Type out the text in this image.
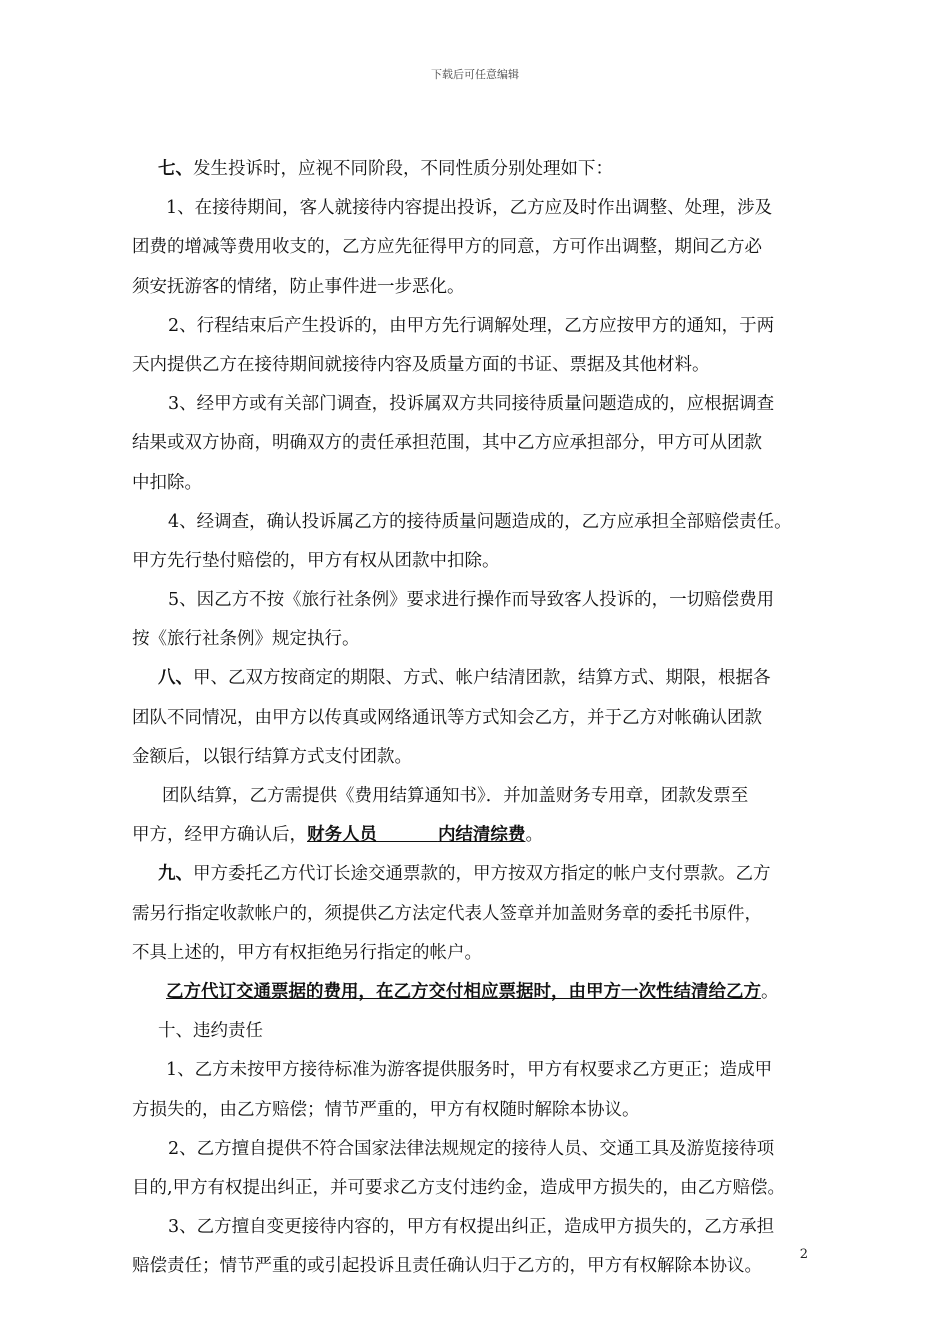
下载后可任意编辑
七、发生投诉时，应视不同阶段，不同性质分别处理如下：
1、在接待期间，客人就接待内容提出投诉，乙方应及时作出调整、处理，涉及
团费的增减等费用收支的，乙方应先征得甲方的同意，方可作出调整，期间乙方必
须安抚游客的情绪，防止事件进一步恶化。
2、行程结束后产生投诉的，由甲方先行调解处理，乙方应按甲方的通知，于两
天内提供乙方在接待期间就接待内容及质量方面的书证、票据及其他材料。
3、经甲方或有关部门调查，投诉属双方共同接待质量问题造成的，应根据调查
结果或双方协商，明确双方的责任承担范围，其中乙方应承担部分，甲方可从团款
中扣除。
4、经调查，确认投诉属乙方的接待质量问题造成的，乙方应承担全部赔偿责任。
甲方先行垫付赔偿的，甲方有权从团款中扣除。
5、因乙方不按《旅行社条例》要求进行操作而导致客人投诉的，一切赔偿费用
按《旅行社条例》规定执行。
八、甲、乙双方按商定的期限、方式、帐户结清团款，结算方式、期限，根据各
团队不同情况，由甲方以传真或网络通讯等方式知会乙方，并于乙方对帐确认团款
金额后，以银行结算方式支付团款。
团队结算，乙方需提供《费用结算通知书》．并加盖财务专用章，团款发票至
甲方，经甲方确认后，财务人员	内结清综费。
九、甲方委托乙方代订长途交通票款的，甲方按双方指定的帐户支付票款。乙方
需另行指定收款帐户的，须提供乙方法定代表人签章并加盖财务章的委托书原件，
不具上述的，甲方有权拒绝另行指定的帐户。
乙方代订交通票据的费用，在乙方交付相应票据时，由甲方一次性结清给乙方。
十、违约责任
1、乙方未按甲方接待标准为游客提供服务时，甲方有权要求乙方更正；造成甲
方损失的，由乙方赔偿；情节严重的，甲方有权随时解除本协议。
2、乙方擅自提供不符合国家法律法规规定的接待人员、交通工具及游览接待项
目的,甲方有权提出纠正，并可要求乙方支付违约金，造成甲方损失的，由乙方赔偿。
3、乙方擅自变更接待内容的，甲方有权提出纠正，造成甲方损失的，乙方承担
赔偿责任；情节严重的或引起投诉且责任确认归于乙方的，甲方有权解除本协议。
2
